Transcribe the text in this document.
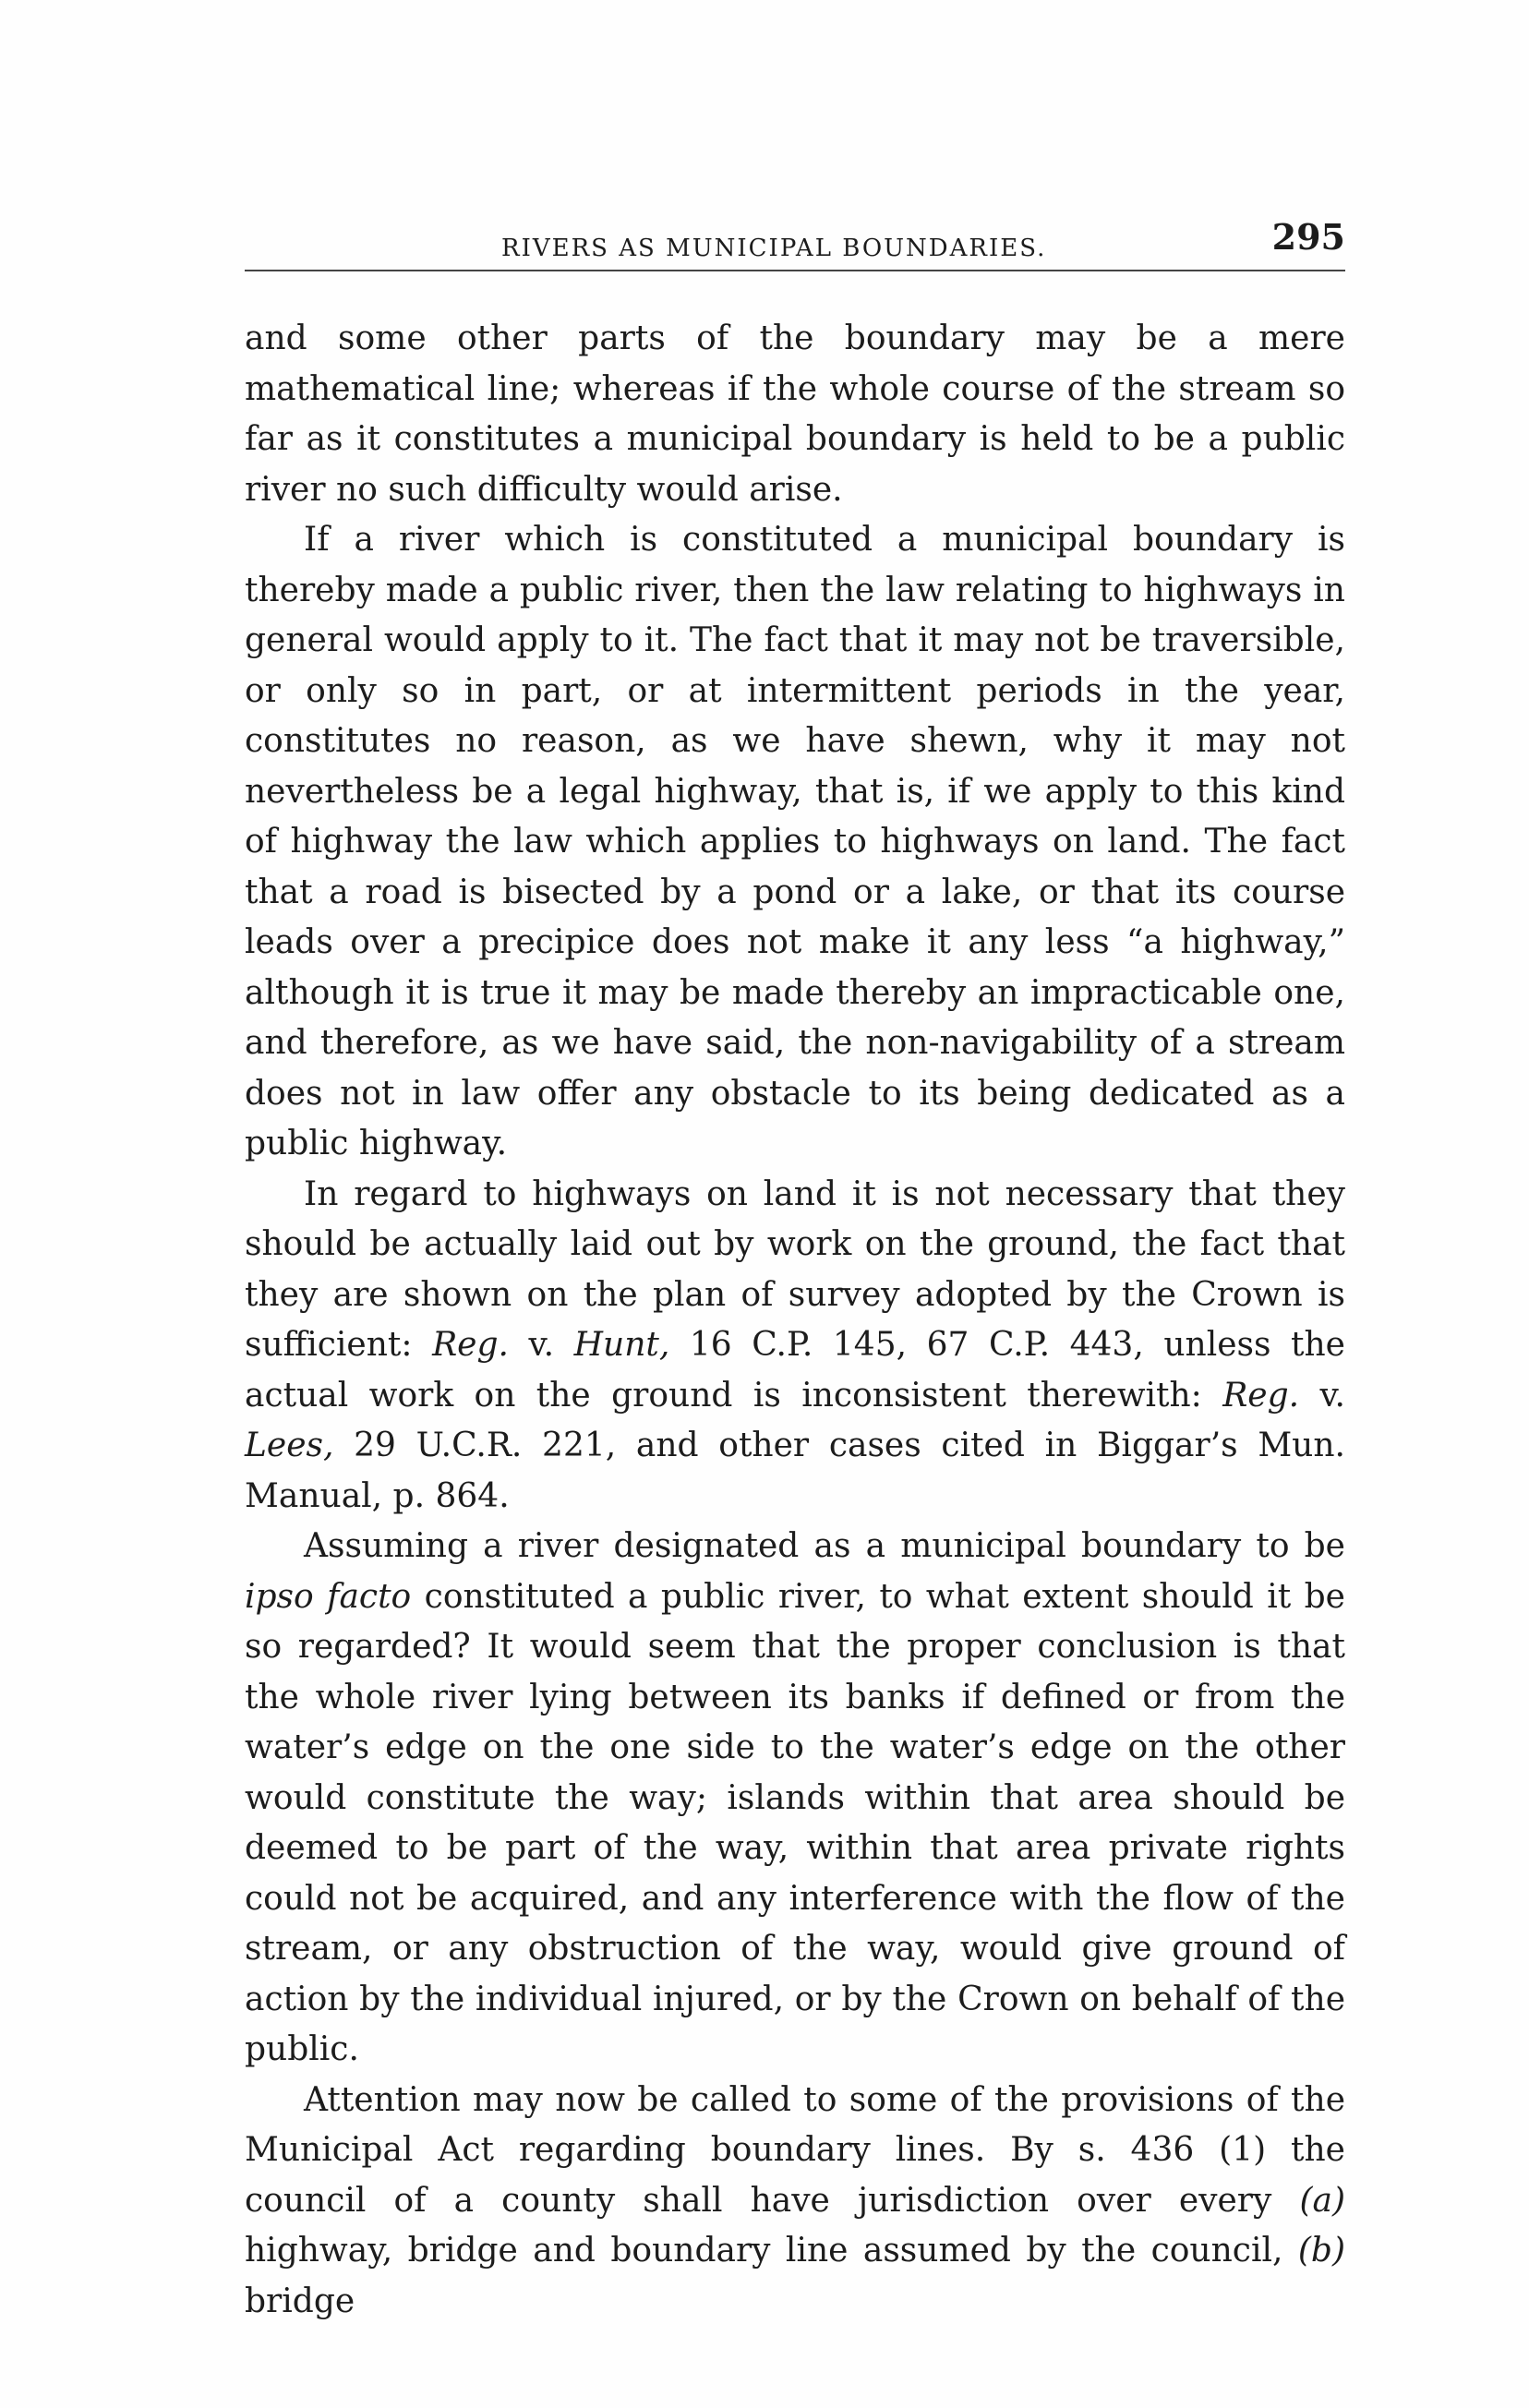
RIVERS AS MUNICIPAL BOUNDARIES.	295

and some other parts of the boundary may be a mere mathematical line; whereas if the whole course of the stream so far as it constitutes a municipal boundary is held to be a public river no such difficulty would arise.

If a river which is constituted a municipal boundary is thereby made a public river, then the law relating to highways in general would apply to it. The fact that it may not be traversible, or only so in part, or at intermittent periods in the year, constitutes no reason, as we have shewn, why it may not nevertheless be a legal highway, that is, if we apply to this kind of highway the law which applies to highways on land. The fact that a road is bisected by a pond or a lake, or that its course leads over a precipice does not make it any less “a highway,” although it is true it may be made thereby an impracticable one, and therefore, as we have said, the non-navigability of a stream does not in law offer any obstacle to its being dedicated as a public highway.

In regard to highways on land it is not necessary that they should be actually laid out by work on the ground, the fact that they are shown on the plan of survey adopted by the Crown is sufficient: Reg. v. Hunt, 16 C.P. 145, 67 C.P. 443, unless the actual work on the ground is inconsistent therewith: Reg. v. Lees, 29 U.C.R. 221, and other cases cited in Biggar’s Mun. Manual, p. 864.

Assuming a river designated as a municipal boundary to be ipso facto constituted a public river, to what extent should it be so regarded? It would seem that the proper conclusion is that the whole river lying between its banks if defined or from the water’s edge on the one side to the water’s edge on the other would constitute the way; islands within that area should be deemed to be part of the way, within that area private rights could not be acquired, and any interference with the flow of the stream, or any obstruction of the way, would give ground of action by the individual injured, or by the Crown on behalf of the public.

Attention may now be called to some of the provisions of the Municipal Act regarding boundary lines. By s. 436 (1) the council of a county shall have jurisdiction over every (a) highway, bridge and boundary line assumed by the council, (b) bridge
